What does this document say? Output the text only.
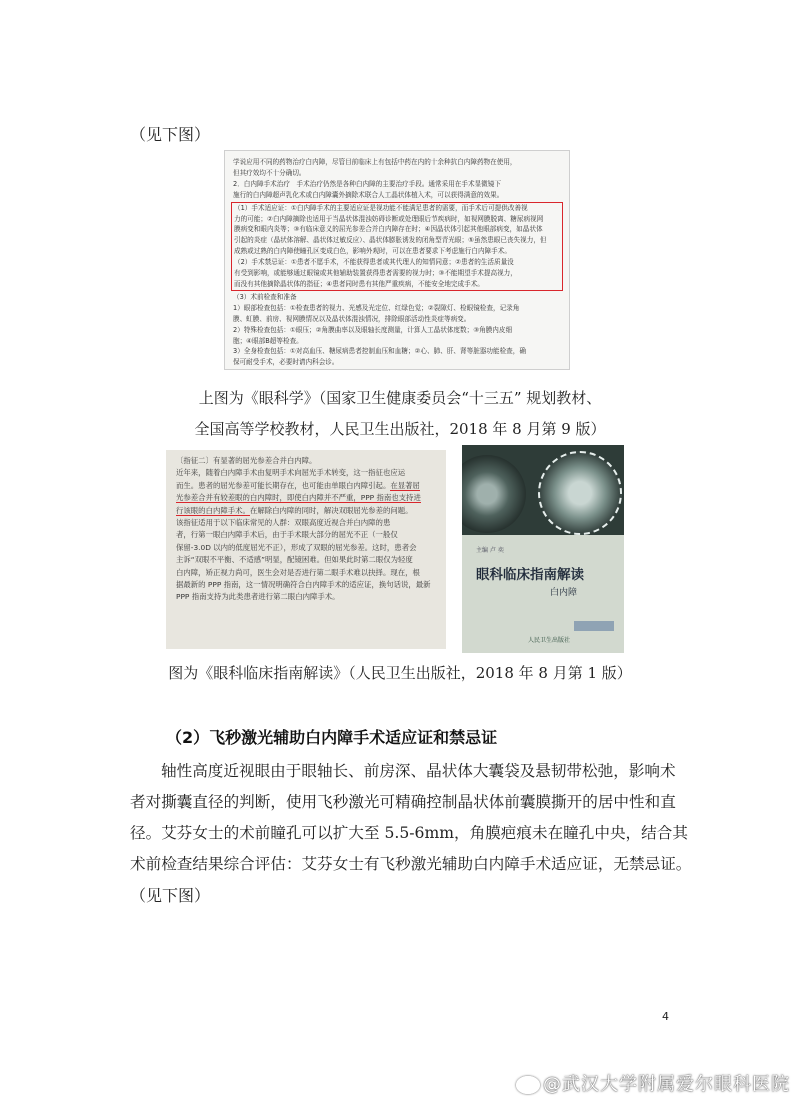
（见下图）
学说应用不同的药物治疗白内障，尽管目前临床上有包括中药在内的十余种抗白内障药物在使用，
但其疗效均不十分确切。
2．白内障手术治疗　手术治疗仍然是各种白内障的主要治疗手段。通常采用在手术显微镜下
施行的白内障超声乳化术或白内障囊外摘除术联合人工晶状体植入术，可以获得满意的效果。
（1）手术适应证：①白内障手术的主要适应证是视功能不能满足患者的需要，而手术后可提供改善视
力的可能；②白内障摘除也适用于当晶状体混浊妨碍诊断或处理眼后节疾病时，如视网膜脱离、糖尿病视网
膜病变和眼内炎等；③有临床意义的屈光参差合并白内障存在时；④因晶状体引起其他眼部病变，如晶状体
引起的炎症（晶状体溶解、晶状体过敏反应）、晶状体膨胀诱发的闭角型青光眼；⑤虽然患眼已丧失视力，但
成熟或过熟的白内障使瞳孔区变成白色，影响外观时，可以在患者要求下考虑施行白内障手术。
（2）手术禁忌证：①患者不愿手术，不能获得患者或其代理人的知情同意；②患者的生活质量没
有受到影响，或能够通过眼镜或其他辅助装置获得患者需要的视力时；③不能期望手术提高视力，
而没有其他摘除晶状体的指征；④患者同时患有其他严重疾病，不能安全地完成手术。
（3）术前检查和准备
1）眼部检查包括：①检查患者的视力、光感及光定位、红绿色觉；②裂隙灯、检眼镜检查，记录角
膜、虹膜、前房、视网膜情况以及晶状体混浊情况，排除眼部活动性炎症等病变。
2）特殊检查包括：①眼压；②角膜曲率以及眼轴长度测量，计算人工晶状体度数；③角膜内皮细
胞；④眼部B超等检查。
3）全身检查包括：①对高血压、糖尿病患者控制血压和血糖；②心、肺、肝、肾等脏器功能检查，确
保可耐受手术，必要时请内科会诊。
上图为《眼科学》（国家卫生健康委员会“十三五” 规划教材、
全国高等学校教材，人民卫生出版社，2018 年 8 月第 9 版）
〔指征二〕有显著的屈光参差合并白内障。
近年来，随着白内障手术由复明手术向屈光手术转变，这一指征也应运
而生。患者的屈光参差可能长期存在，也可能由单眼白内障引起。在显著屈
光参差合并有较差眼的白内障时，即使白内障并不严重，PPP 指南也支持进
行该眼的白内障手术。在解除白内障的同时，解决双眼屈光参差的问题。
该指征适用于以下临床常见的人群：双眼高度近视合并白内障的患
者，行第一眼白内障手术后，由于手术眼大部分的屈光不正（一般仅
保留-3.0D 以内的低度屈光不正），形成了双眼的屈光参差。这时，患者会
主诉“双眼不平衡、不适感”明显，配镜困难。但如果此时第二眼仅为轻度
白内障，矫正视力尚可，医生会对是否进行第二眼手术难以抉择。现在，根
据最新的 PPP 指南，这一情况明确符合白内障手术的适应证，换句话说，最新
PPP 指南支持为此类患者进行第二眼白内障手术。
主编 卢 奕
眼科临床指南解读
白内障
人民卫生出版社
图为《眼科临床指南解读》（人民卫生出版社，2018 年 8 月第 1 版）
（2）飞秒激光辅助白内障手术适应证和禁忌证
轴性高度近视眼由于眼轴长、前房深、晶状体大囊袋及悬韧带松弛，影响术
者对撕囊直径的判断，使用飞秒激光可精确控制晶状体前囊膜撕开的居中性和直
径。艾芬女士的术前瞳孔可以扩大至 5.5-6mm，角膜疤痕未在瞳孔中央，结合其
术前检查结果综合评估：艾芬女士有飞秒激光辅助白内障手术适应证，无禁忌证。
（见下图）
4
@武汉大学附属爱尔眼科医院
